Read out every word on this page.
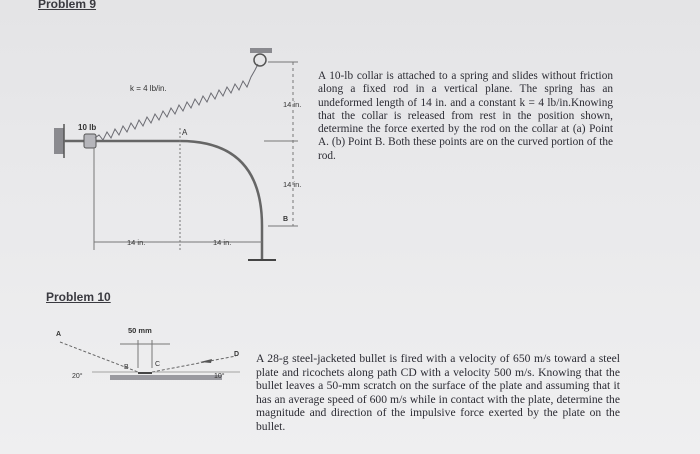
Problem 9
A 10-lb collar is attached to a spring and slides without friction along a fixed rod in a vertical plane. The spring has an undeformed length of 14 in. and a constant k = 4 lb/in.Knowing that the collar is released from rest in the position shown, determine the force exerted by the rod on the collar at (a) Point A. (b) Point B. Both these points are on the curved portion of the rod.
k = 4 lb/in.
10 lb
A
B
14 in.
14 in.
14 in.	14 in.
Problem 10
A 28-g steel-jacketed bullet is fired with a velocity of 650 m/s toward a steel plate and ricochets along path CD with a velocity 500 m/s. Knowing that the bullet leaves a 50-mm scratch on the surface of the plate and assuming that it has an average speed of 600 m/s while in contact with the plate, determine the magnitude and direction of the impulsive force exerted by the plate on the bullet.
50 mm
A
B	C
D
20°	10°
